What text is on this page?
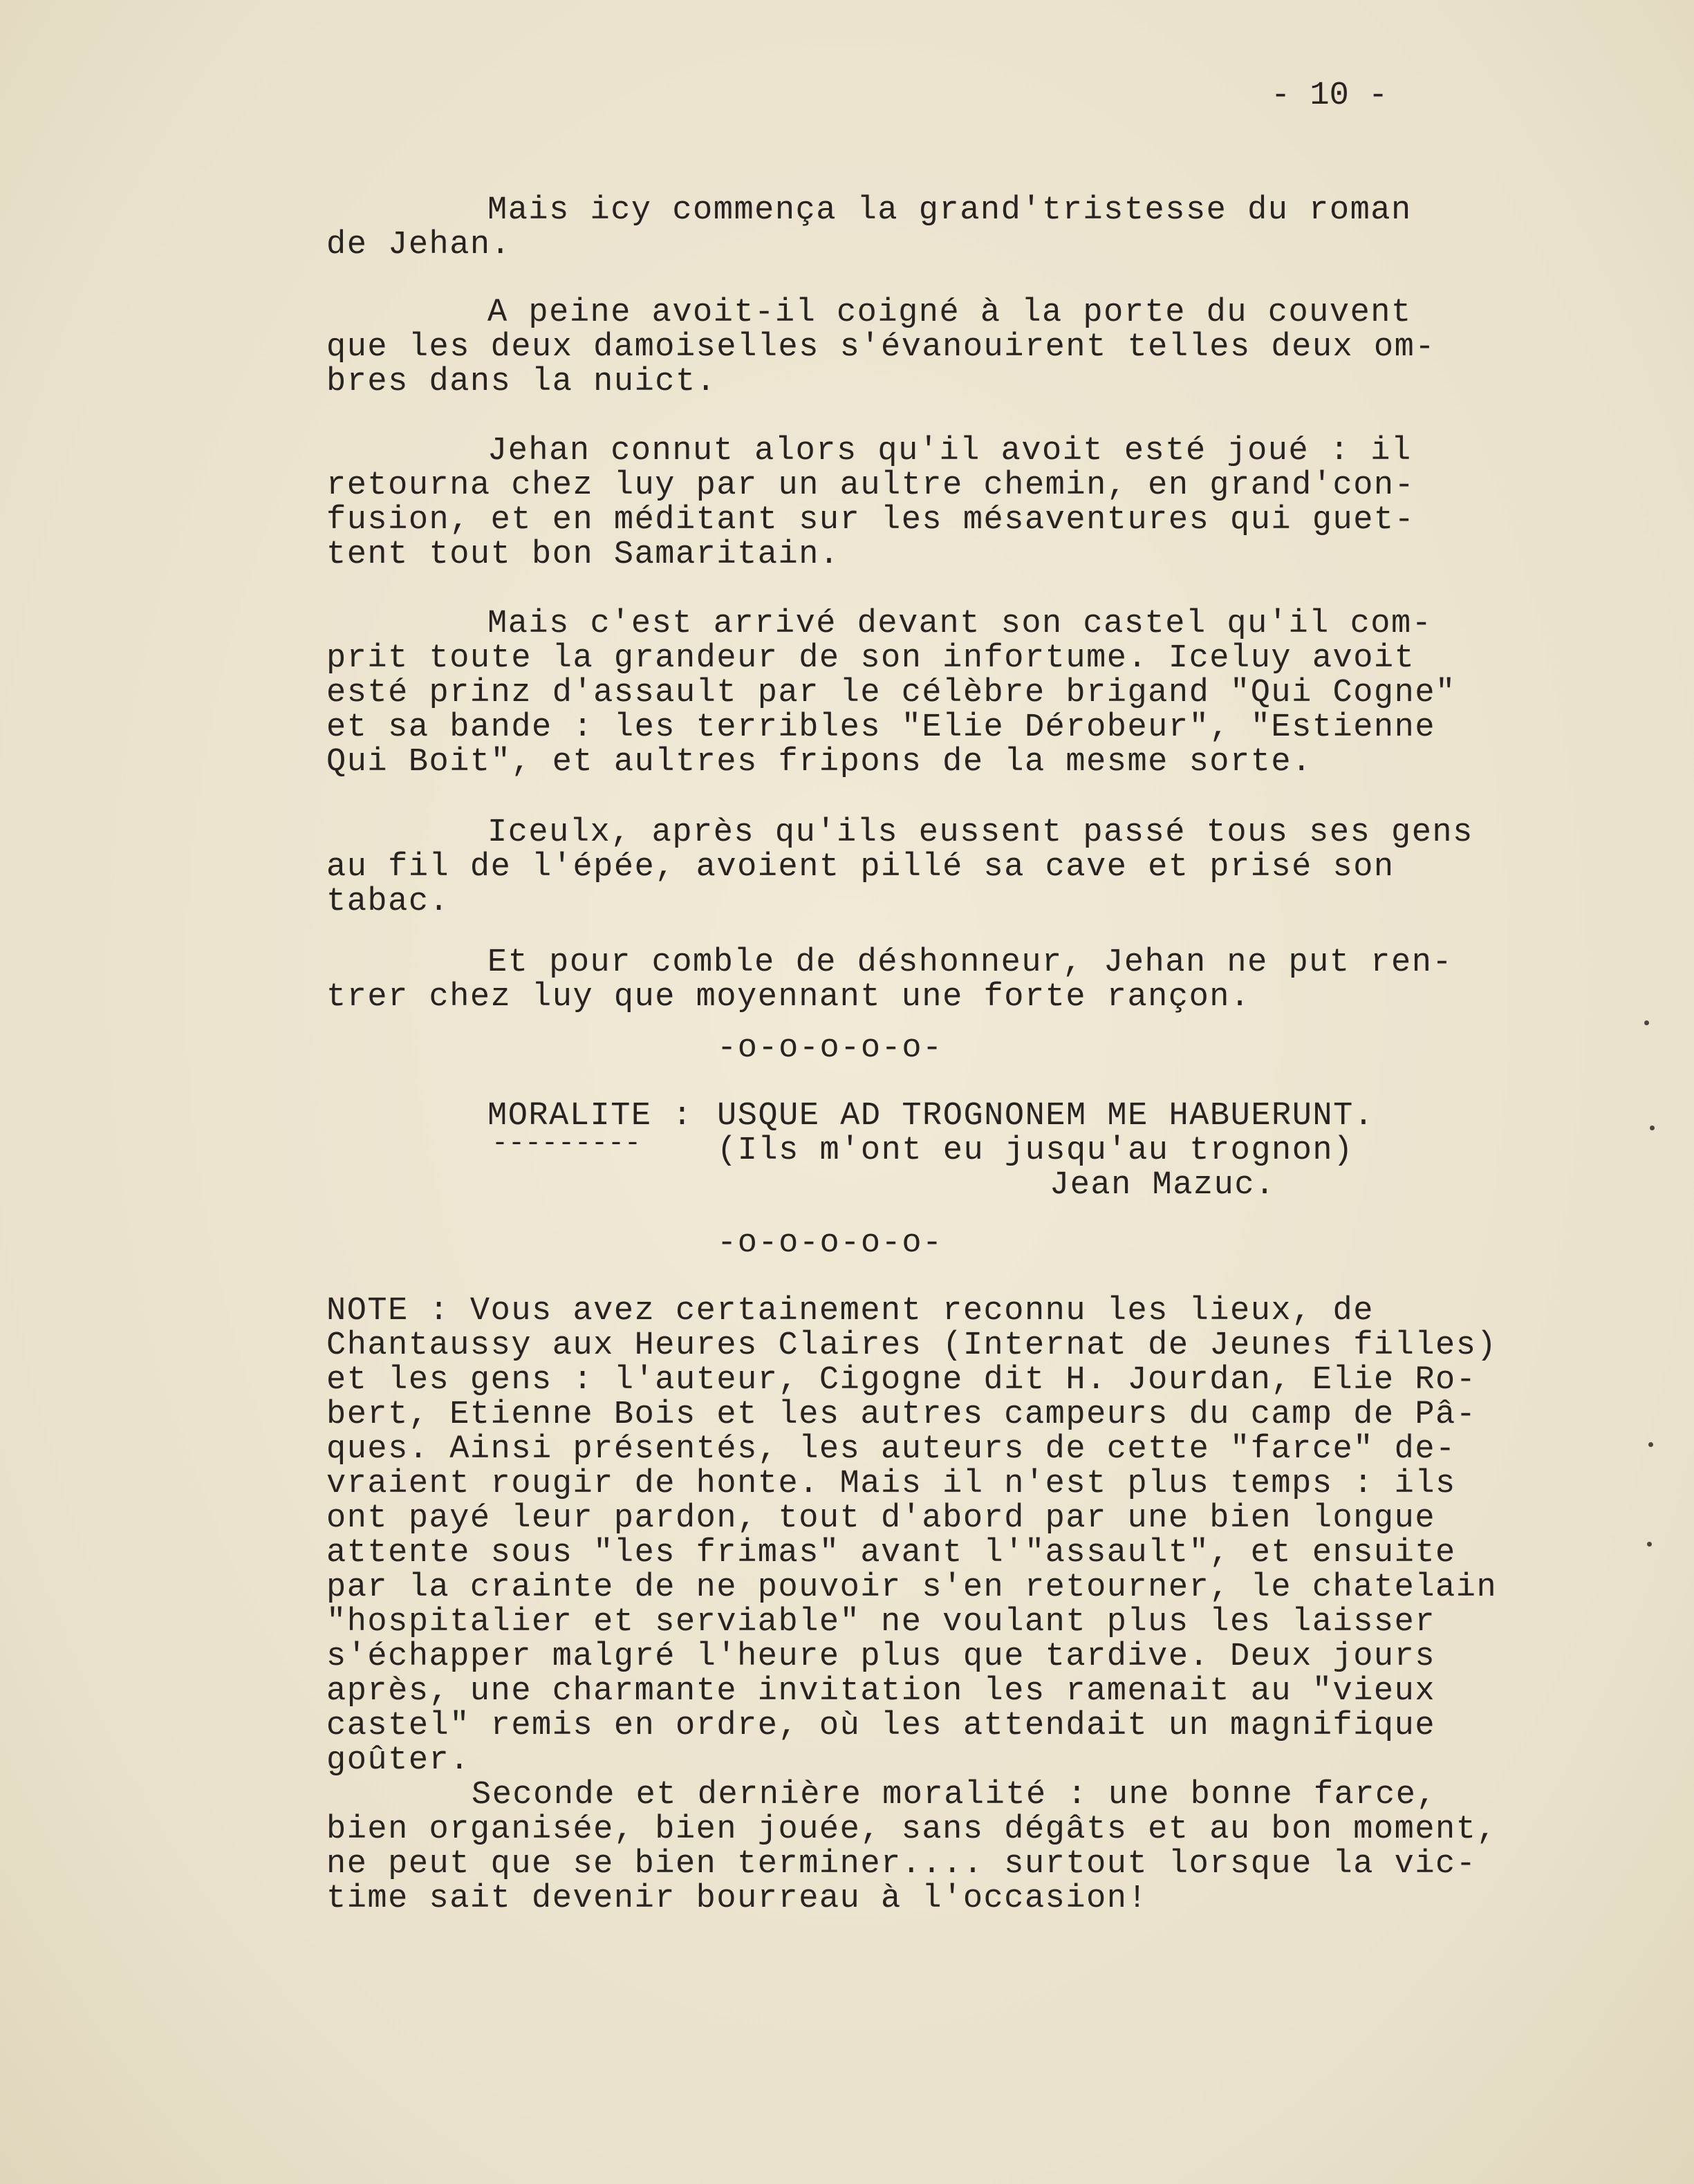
- 10 -
Mais icy commença la grand'tristesse du roman
de Jehan.
A peine avoit-il coigné à la porte du couvent
que les deux damoiselles s'évanouirent telles deux om-
bres dans la nuict.
Jehan connut alors qu'il avoit esté joué : il
retourna chez luy par un aultre chemin, en grand'con-
fusion, et en méditant sur les mésaventures qui guet-
tent tout bon Samaritain.
Mais c'est arrivé devant son castel qu'il com-
prit toute la grandeur de son infortume. Iceluy avoit
esté prinz d'assault par le célèbre brigand "Qui Cogne"
et sa bande : les terribles "Elie Dérobeur", "Estienne
Qui Boit", et aultres fripons de la mesme sorte.
Iceulx, après qu'ils eussent passé tous ses gens
au fil de l'épée, avoient pillé sa cave et prisé son
tabac.
Et pour comble de déshonneur, Jehan ne put ren-
trer chez luy que moyennant une forte rançon.
-o-o-o-o-o-
MORALITE : USQUE AD TROGNONEM ME HABUERUNT.
--------- (Ils m'ont eu jusqu'au trognon)
Jean Mazuc.
-o-o-o-o-o-
NOTE : Vous avez certainement reconnu les lieux, de
Chantaussy aux Heures Claires (Internat de Jeunes filles)
et les gens : l'auteur, Cigogne dit H. Jourdan, Elie Ro-
bert, Etienne Bois et les autres campeurs du camp de Pâ-
ques. Ainsi présentés, les auteurs de cette "farce" de-
vraient rougir de honte. Mais il n'est plus temps : ils
ont payé leur pardon, tout d'abord par une bien longue
attente sous "les frimas" avant l'"assault", et ensuite
par la crainte de ne pouvoir s'en retourner, le chatelain
"hospitalier et serviable" ne voulant plus les laisser
s'échapper malgré l'heure plus que tardive. Deux jours
après, une charmante invitation les ramenait au "vieux
castel" remis en ordre, où les attendait un magnifique
goûter.
Seconde et dernière moralité : une bonne farce,
bien organisée, bien jouée, sans dégâts et au bon moment,
ne peut que se bien terminer.... surtout lorsque la vic-
time sait devenir bourreau à l'occasion!
